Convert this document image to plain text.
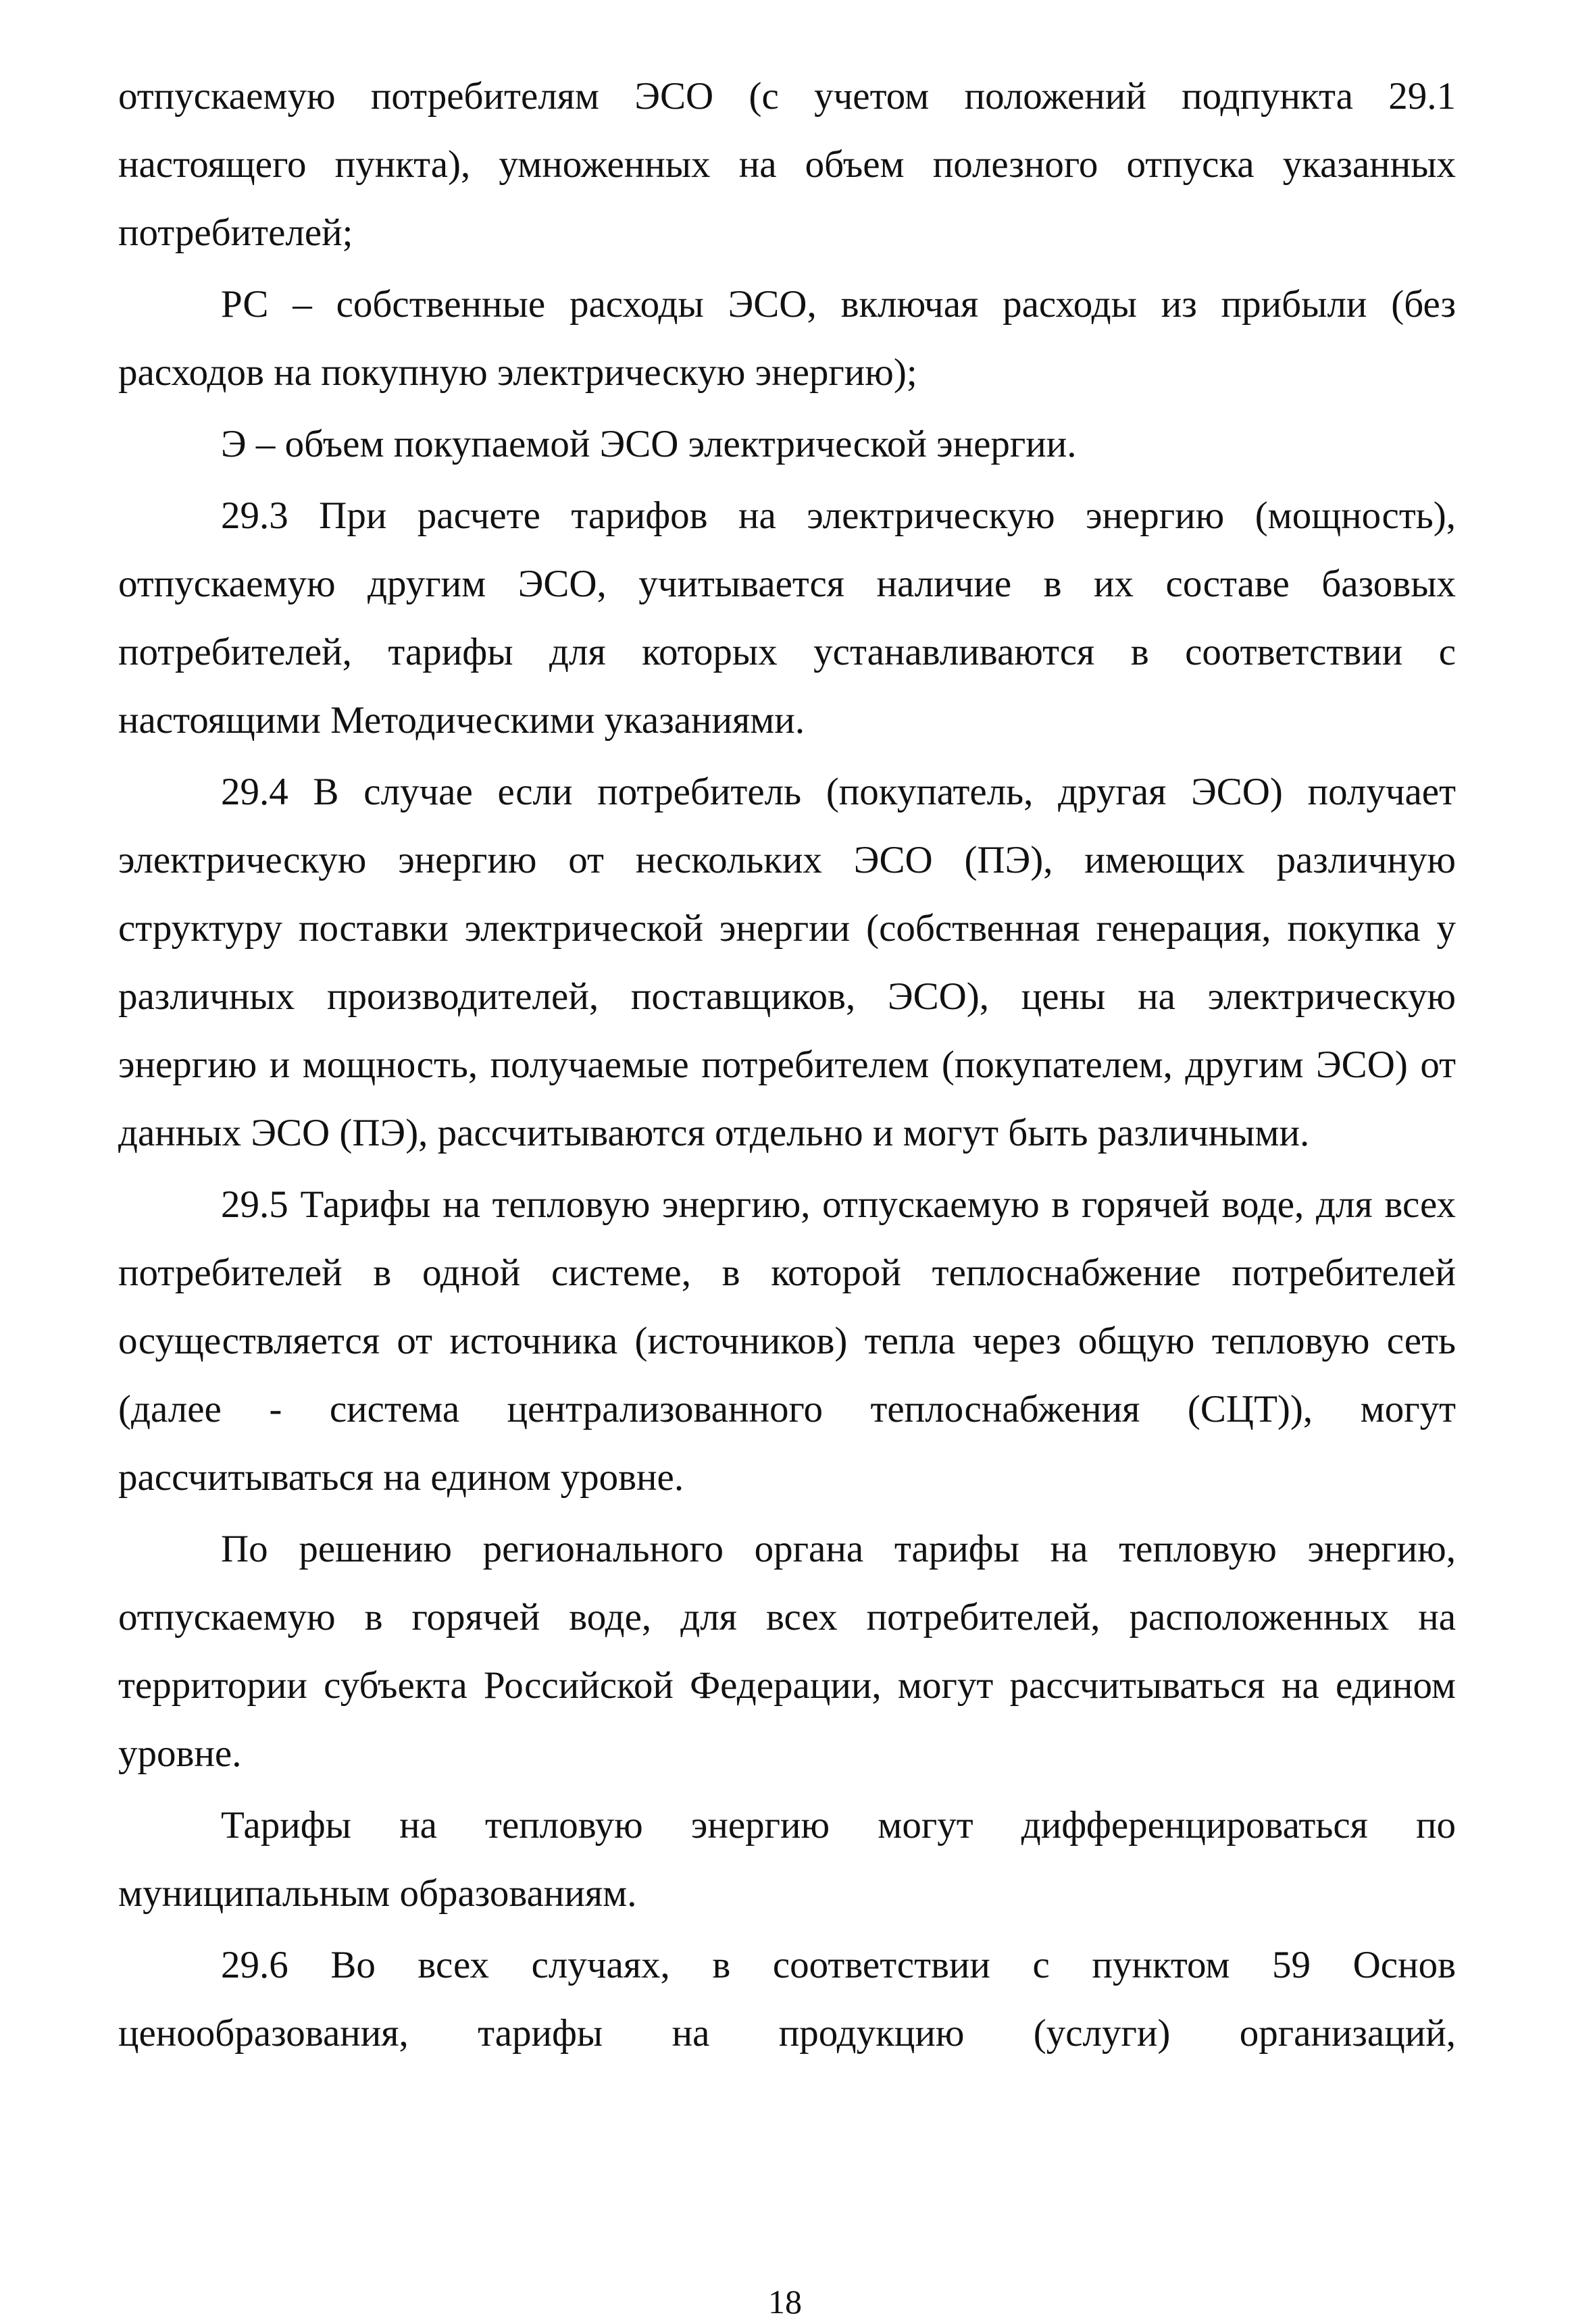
отпускаемую потребителям ЭСО (с учетом положений подпункта 29.1 настоящего пункта), умноженных на объем полезного отпуска указанных потребителей;

РС – собственные расходы ЭСО, включая расходы из прибыли (без расходов на покупную электрическую энергию);

Э – объем покупаемой ЭСО электрической энергии.

29.3 При расчете тарифов на электрическую энергию (мощность), отпускаемую другим ЭСО, учитывается наличие в их составе базовых потребителей, тарифы для которых устанавливаются в соответствии с настоящими Методическими указаниями.

29.4 В случае если потребитель (покупатель, другая ЭСО) получает электрическую энергию от нескольких ЭСО (ПЭ), имеющих различную структуру поставки электрической энергии (собственная генерация, покупка у различных производителей, поставщиков, ЭСО), цены на электрическую энергию и мощность, получаемые потребителем (покупателем, другим ЭСО) от данных ЭСО (ПЭ), рассчитываются отдельно и могут быть различными.

29.5 Тарифы на тепловую энергию, отпускаемую в горячей воде, для всех потребителей в одной системе, в которой теплоснабжение потребителей осуществляется от источника (источников) тепла через общую тепловую сеть (далее - система централизованного теплоснабжения (СЦТ)), могут рассчитываться на едином уровне.

По решению регионального органа тарифы на тепловую энергию, отпускаемую в горячей воде, для всех потребителей, расположенных на территории субъекта Российской Федерации, могут рассчитываться на едином уровне.

Тарифы на тепловую энергию могут дифференцироваться по муниципальным образованиям.

29.6 Во всех случаях, в соответствии с пунктом 59 Основ ценообразования, тарифы на продукцию (услуги) организаций,

18
